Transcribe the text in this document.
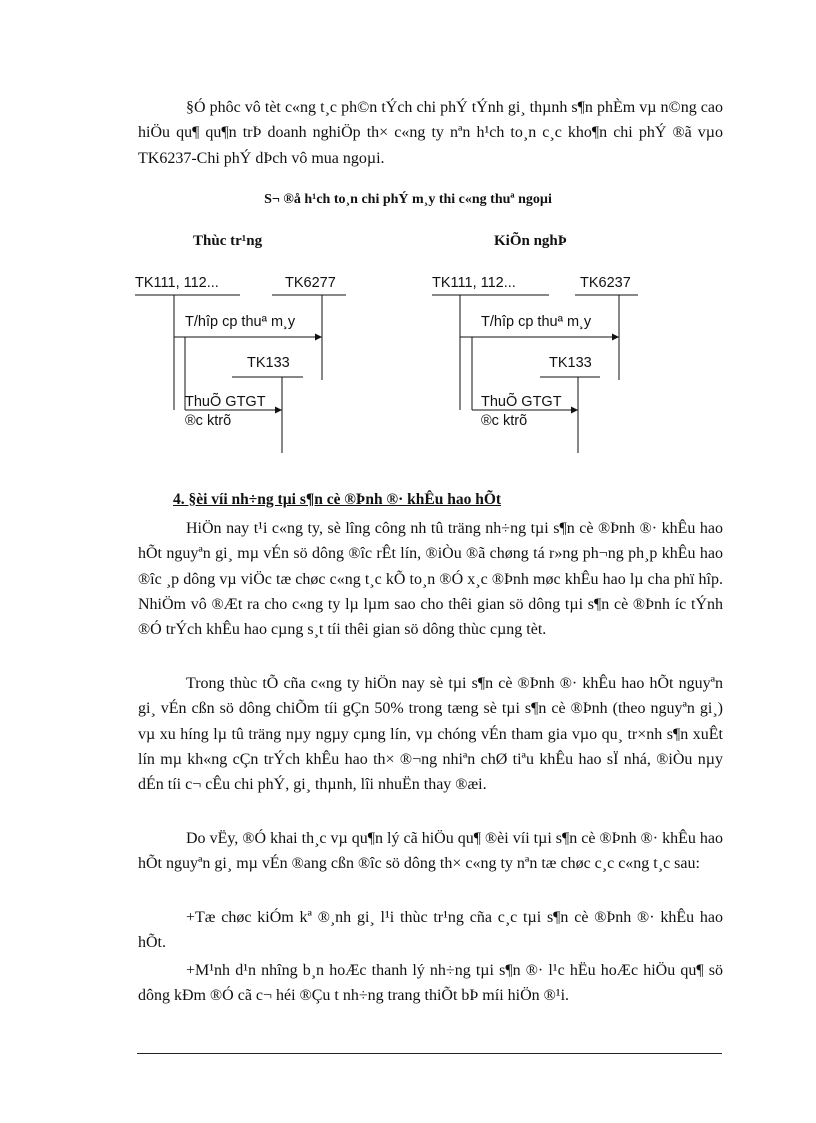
§Ó phôc vô tèt c«ng t¸c ph©n tÝch chi phÝ tÝnh gi¸ thµnh s¶n phÈm vµ n©ng cao hiÖu qu¶ qu¶n trÞ doanh nghiÖp th× c«ng ty nªn h¹ch to¸n c¸c kho¶n chi phÝ ®ã vµo TK6237-Chi phÝ dÞch vô mua ngoµi.

S¬ ®å h¹ch to¸n chi phÝ m¸y thi c«ng thuª ngoµi
Thùc tr¹ng	KiÕn nghÞ
TK111, 112...	TK6277
T/hîp cp thuª m¸y
TK133
ThuÕ GTGT
®c ktrõ
TK111, 112...	TK6237
T/hîp cp thuª m¸y
TK133
ThuÕ GTGT
®c ktrõ
4. §èi víi nh÷ng tµi s¶n cè ®Þnh ®· khÊu hao hÕt

HiÖn nay t¹i c«ng ty, sè lîng công nh tû träng nh÷ng tµi s¶n cè ®Þnh ®· khÊu hao hÕt nguyªn gi¸ mµ vÉn sö dông ®îc rÊt lín, ®iÒu ®ã chøng tá r»ng ph¬ng ph¸p khÊu hao ®îc ¸p dông vµ viÖc tæ chøc c«ng t¸c kÕ to¸n ®Ó x¸c ®Þnh møc khÊu hao lµ cha phï hîp. NhiÖm vô ®Æt ra cho c«ng ty lµ lµm sao cho thêi gian sö dông tµi s¶n cè ®Þnh íc tÝnh ®Ó trÝch khÊu hao cµng s¸t tíi thêi gian sö dông thùc cµng tèt.

Trong thùc tÕ cña c«ng ty hiÖn nay sè tµi s¶n cè ®Þnh ®· khÊu hao hÕt nguyªn gi¸ vÉn cßn sö dông chiÕm tíi gÇn 50% trong tæng sè tµi s¶n cè ®Þnh (theo nguyªn gi¸) vµ xu híng lµ tû träng nµy ngµy cµng lín, vµ chóng vÉn tham gia vµo qu¸ tr×nh s¶n xuÊt lín mµ kh«ng cÇn trÝch khÊu hao th× ®¬ng nhiªn chØ tiªu khÊu hao sÏ nhá, ®iÒu nµy dÉn tíi c¬ cÊu chi phÝ, gi¸ thµnh, lîi nhuËn thay ®æi.

Do vËy, ®Ó khai th¸c vµ qu¶n lý cã hiÖu qu¶ ®èi víi tµi s¶n cè ®Þnh ®· khÊu hao hÕt nguyªn gi¸ mµ vÉn ®ang cßn ®îc sö dông th× c«ng ty nªn tæ chøc c¸c c«ng t¸c sau:

+Tæ chøc kiÓm kª ®¸nh gi¸ l¹i thùc tr¹ng cña c¸c tµi s¶n cè ®Þnh ®· khÊu hao hÕt.

+M¹nh d¹n nhîng b¸n hoÆc thanh lý nh÷ng tµi s¶n ®· l¹c hËu hoÆc hiÖu qu¶ sö dông kÐm ®Ó cã c¬ héi ®Çu t nh÷ng trang thiÕt bÞ míi hiÖn ®¹i.
